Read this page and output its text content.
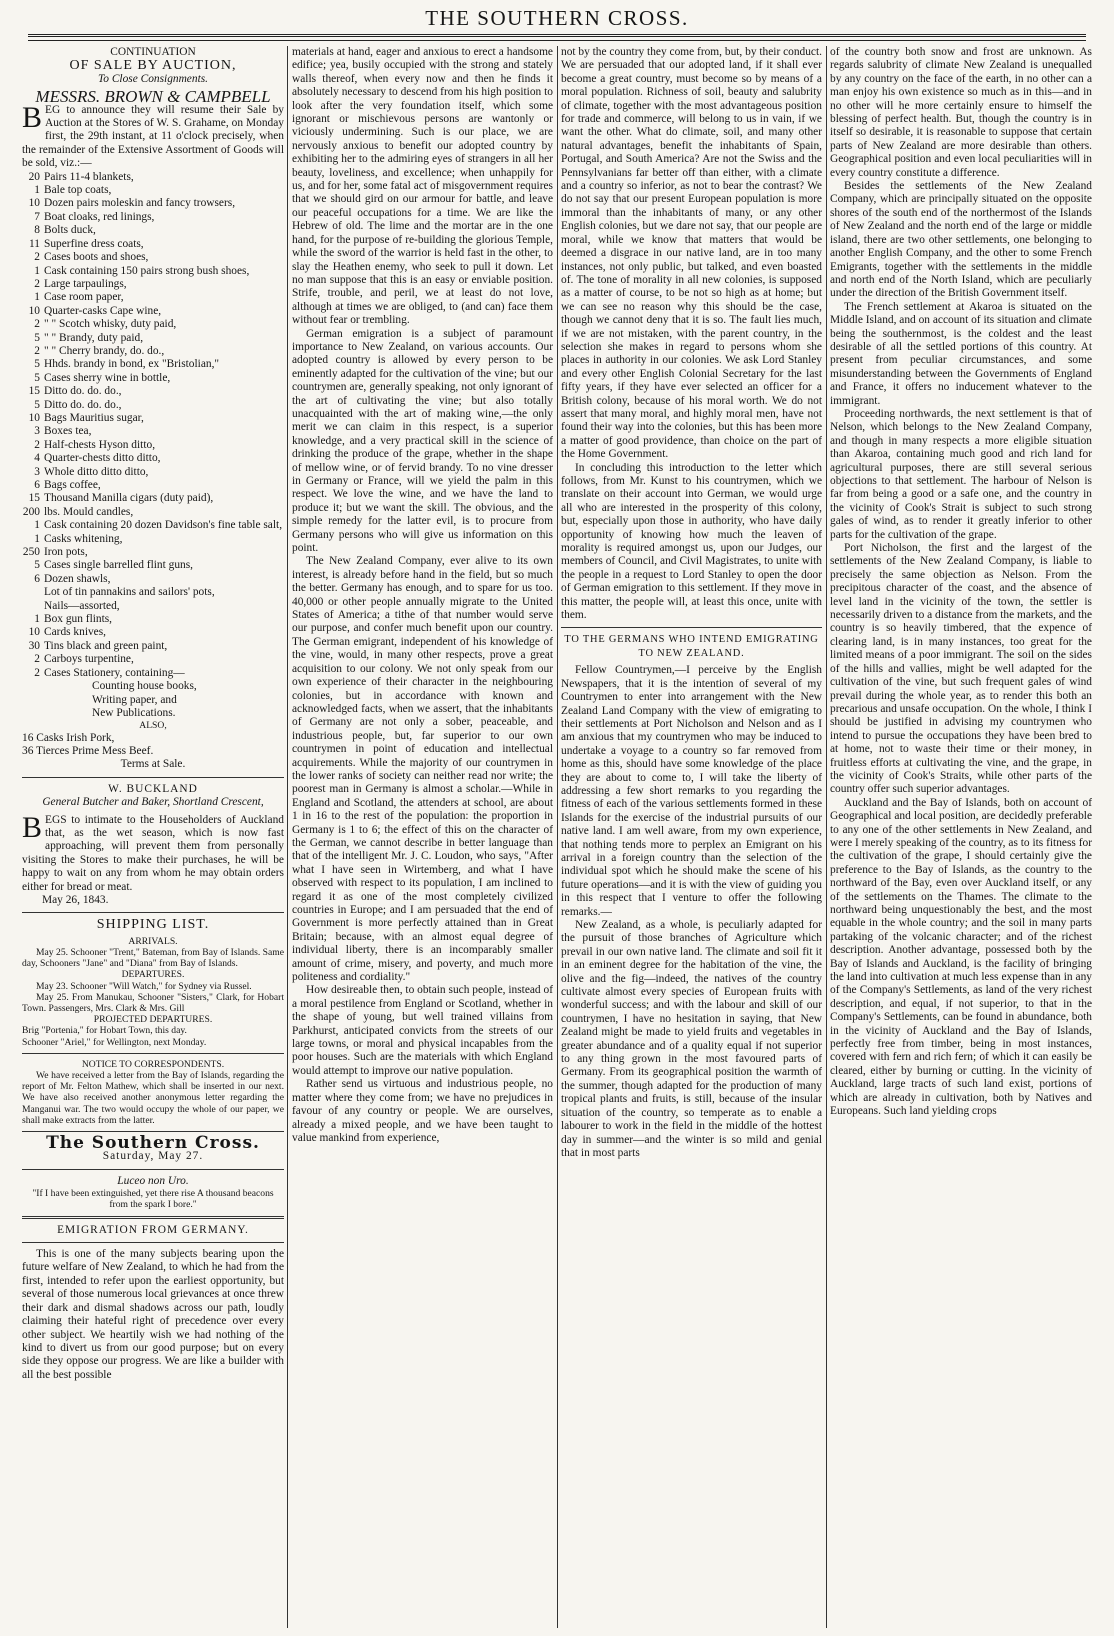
THE SOUTHERN CROSS.

CONTINUATION

OF SALE BY AUCTION,

To Close Consignments.

MESSRS. BROWN & CAMPBELL

BEG to announce they will resume their Sale by Auction at the Stores of W. S. Grahame, on Monday first, the 29th instant, at 11 o'clock precisely, when the remainder of the Extensive Assortment of Goods will be sold, viz.:—

20 Pairs 11-4 blankets,

1 Bale top coats,

10 Dozen pairs moleskin and fancy trowsers,

7 Boat cloaks, red linings,

8 Bolts duck,

11 Superfine dress coats,

2 Cases boots and shoes,

1 Cask containing 150 pairs strong bush shoes,

2 Large tarpaulings,

1 Case room paper,

10 Quarter-casks Cape wine,

2 " " Scotch whisky, duty paid,

5 " " Brandy, duty paid,

2 " " Cherry brandy, do. do.,

5 Hhds. brandy in bond, ex "Bristolian,"

5 Cases sherry wine in bottle,

15 Ditto do. do. do.,

5 Ditto do. do. do.,

10 Bags Mauritius sugar,

3 Boxes tea,

2 Half-chests Hyson ditto,

4 Quarter-chests ditto ditto,

3 Whole ditto ditto ditto,

6 Bags coffee,

15 Thousand Manilla cigars (duty paid),

200 lbs. Mould candles,

1 Cask containing 20 dozen Davidson's fine table salt,

1 Casks whitening,

250 Iron pots,

5 Cases single barrelled flint guns,

6 Dozen shawls,

Lot of tin pannakins and sailors' pots,

Nails—assorted,

1 Box gun flints,

10 Cards knives,

30 Tins black and green paint,

2 Carboys turpentine,

2 Cases Stationery, containing—

Counting house books,

Writing paper, and

New Publications.

ALSO,

16 Casks Irish Pork,

36 Tierces Prime Mess Beef.

Terms at Sale.

W. BUCKLAND

General Butcher and Baker, Shortland Crescent,

BEGS to intimate to the Householders of Auckland that, as the wet season, which is now fast approaching, will prevent them from personally visiting the Stores to make their purchases, he will be happy to wait on any from whom he may obtain orders either for bread or meat.

May 26, 1843.

SHIPPING LIST.

ARRIVALS.

May 25. Schooner "Trent," Bateman, from Bay of Islands. Same day, Schooners "Jane" and "Diana" from Bay of Islands.

DEPARTURES.

May 23. Schooner "Will Watch," for Sydney via Russel.

May 25. From Manukau, Schooner "Sisters," Clark, for Hobart Town. Passengers, Mrs. Clark & Mrs. Gill

PROJECTED DEPARTURES.

Brig "Portenia," for Hobart Town, this day.

Schooner "Ariel," for Wellington, next Monday.

NOTICE TO CORRESPONDENTS.

We have received a letter from the Bay of Islands, regarding the report of Mr. Felton Mathew, which shall be inserted in our next. We have also received another anonymous letter regarding the Manganui war. The two would occupy the whole of our paper, we shall make extracts from the latter.

The Southern Cross.

Saturday, May 27.

Luceo non Uro.

"If I have been extinguished, yet there rise A thousand beacons from the spark I bore."

EMIGRATION FROM GERMANY.

This is one of the many subjects bearing upon the future welfare of New Zealand, to which he had from the first, intended to refer upon the earliest opportunity, but several of those numerous local grievances at once threw their dark and dismal shadows across our path, loudly claiming their hateful right of precedence over every other subject. We heartily wish we had nothing of the kind to divert us from our good purpose; but on every side they oppose our progress. We are like a builder with all the best possible

materials at hand, eager and anxious to erect a handsome edifice; yea, busily occupied with the strong and stately walls thereof, when every now and then he finds it absolutely necessary to descend from his high position to look after the very foundation itself, which some ignorant or mischievous persons are wantonly or viciously undermining. Such is our place, we are nervously anxious to benefit our adopted country by exhibiting her to the admiring eyes of strangers in all her beauty, loveliness, and excellence; when unhappily for us, and for her, some fatal act of misgovernment requires that we should gird on our armour for battle, and leave our peaceful occupations for a time. We are like the Hebrew of old. The lime and the mortar are in the one hand, for the purpose of re-building the glorious Temple, while the sword of the warrior is held fast in the other, to slay the Heathen enemy, who seek to pull it down. Let no man suppose that this is an easy or enviable position. Strife, trouble, and peril, we at least do not love, although at times we are obliged, to (and can) face them without fear or trembling.

German emigration is a subject of paramount importance to New Zealand, on various accounts. Our adopted country is allowed by every person to be eminently adapted for the cultivation of the vine; but our countrymen are, generally speaking, not only ignorant of the art of cultivating the vine; but also totally unacquainted with the art of making wine,—the only merit we can claim in this respect, is a superior knowledge, and a very practical skill in the science of drinking the produce of the grape, whether in the shape of mellow wine, or of fervid brandy. To no vine dresser in Germany or France, will we yield the palm in this respect. We love the wine, and we have the land to produce it; but we want the skill. The obvious, and the simple remedy for the latter evil, is to procure from Germany persons who will give us information on this point.

The New Zealand Company, ever alive to its own interest, is already before hand in the field, but so much the better. Germany has enough, and to spare for us too. 40,000 or other people annually migrate to the United States of America; a tithe of that number would serve our purpose, and confer much benefit upon our country. The German emigrant, independent of his knowledge of the vine, would, in many other respects, prove a great acquisition to our colony. We not only speak from our own experience of their character in the neighbouring colonies, but in accordance with known and acknowledged facts, when we assert, that the inhabitants of Germany are not only a sober, peaceable, and industrious people, but, far superior to our own countrymen in point of education and intellectual acquirements. While the majority of our countrymen in the lower ranks of society can neither read nor write; the poorest man in Germany is almost a scholar.—While in England and Scotland, the attenders at school, are about 1 in 16 to the rest of the population: the proportion in Germany is 1 to 6; the effect of this on the character of the German, we cannot describe in better language than that of the intelligent Mr. J. C. Loudon, who says, "After what I have seen in Wirtemberg, and what I have observed with respect to its population, I am inclined to regard it as one of the most completely civilized countries in Europe; and I am persuaded that the end of Government is more perfectly attained than in Great Britain; because, with an almost equal degree of individual liberty, there is an incomparably smaller amount of crime, misery, and poverty, and much more politeness and cordiality."

How desireable then, to obtain such people, instead of a moral pestilence from England or Scotland, whether in the shape of young, but well trained villains from Parkhurst, anticipated convicts from the streets of our large towns, or moral and physical incapables from the poor houses. Such are the materials with which England would attempt to improve our native population.

Rather send us virtuous and industrious people, no matter where they come from; we have no prejudices in favour of any country or people. We are ourselves, already a mixed people, and we have been taught to value mankind from experience,

not by the country they come from, but, by their conduct. We are persuaded that our adopted land, if it shall ever become a great country, must become so by means of a moral population. Richness of soil, beauty and salubrity of climate, together with the most advantageous position for trade and commerce, will belong to us in vain, if we want the other. What do climate, soil, and many other natural advantages, benefit the inhabitants of Spain, Portugal, and South America? Are not the Swiss and the Pennsylvanians far better off than either, with a climate and a country so inferior, as not to bear the contrast? We do not say that our present European population is more immoral than the inhabitants of many, or any other English colonies, but we dare not say, that our people are moral, while we know that matters that would be deemed a disgrace in our native land, are in too many instances, not only public, but talked, and even boasted of. The tone of morality in all new colonies, is supposed as a matter of course, to be not so high as at home; but we can see no reason why this should be the case, though we cannot deny that it is so. The fault lies much, if we are not mistaken, with the parent country, in the selection she makes in regard to persons whom she places in authority in our colonies. We ask Lord Stanley and every other English Colonial Secretary for the last fifty years, if they have ever selected an officer for a British colony, because of his moral worth. We do not assert that many moral, and highly moral men, have not found their way into the colonies, but this has been more a matter of good providence, than choice on the part of the Home Government.

In concluding this introduction to the letter which follows, from Mr. Kunst to his countrymen, which we translate on their account into German, we would urge all who are interested in the prosperity of this colony, but, especially upon those in authority, who have daily opportunity of knowing how much the leaven of morality is required amongst us, upon our Judges, our members of Council, and Civil Magistrates, to unite with the people in a request to Lord Stanley to open the door of German emigration to this settlement. If they move in this matter, the people will, at least this once, unite with them.

TO THE GERMANS WHO INTEND EMIGRATING TO NEW ZEALAND.

Fellow Countrymen,—I perceive by the English Newspapers, that it is the intention of several of my Countrymen to enter into arrangement with the New Zealand Land Company with the view of emigrating to their settlements at Port Nicholson and Nelson and as I am anxious that my countrymen who may be induced to undertake a voyage to a country so far removed from home as this, should have some knowledge of the place they are about to come to, I will take the liberty of addressing a few short remarks to you regarding the fitness of each of the various settlements formed in these Islands for the exercise of the industrial pursuits of our native land. I am well aware, from my own experience, that nothing tends more to perplex an Emigrant on his arrival in a foreign country than the selection of the individual spot which he should make the scene of his future operations—and it is with the view of guiding you in this respect that I venture to offer the following remarks.—

New Zealand, as a whole, is peculiarly adapted for the pursuit of those branches of Agriculture which prevail in our own native land. The climate and soil fit it in an eminent degree for the habitation of the vine, the olive and the fig—indeed, the natives of the country cultivate almost every species of European fruits with wonderful success; and with the labour and skill of our countrymen, I have no hesitation in saying, that New Zealand might be made to yield fruits and vegetables in greater abundance and of a quality equal if not superior to any thing grown in the most favoured parts of Germany. From its geographical position the warmth of the summer, though adapted for the production of many tropical plants and fruits, is still, because of the insular situation of the country, so temperate as to enable a labourer to work in the field in the middle of the hottest day in summer—and the winter is so mild and genial that in most parts

of the country both snow and frost are unknown. As regards salubrity of climate New Zealand is unequalled by any country on the face of the earth, in no other can a man enjoy his own existence so much as in this—and in no other will he more certainly ensure to himself the blessing of perfect health. But, though the country is in itself so desirable, it is reasonable to suppose that certain parts of New Zealand are more desirable than others. Geographical position and even local peculiarities will in every country constitute a difference.

Besides the settlements of the New Zealand Company, which are principally situated on the opposite shores of the south end of the northermost of the Islands of New Zealand and the north end of the large or middle island, there are two other settlements, one belonging to another English Company, and the other to some French Emigrants, together with the settlements in the middle and north end of the North Island, which are peculiarly under the direction of the British Government itself.

The French settlement at Akaroa is situated on the Middle Island, and on account of its situation and climate being the southernmost, is the coldest and the least desirable of all the settled portions of this country. At present from peculiar circumstances, and some misunderstanding between the Governments of England and France, it offers no inducement whatever to the immigrant.

Proceeding northwards, the next settlement is that of Nelson, which belongs to the New Zealand Company, and though in many respects a more eligible situation than Akaroa, containing much good and rich land for agricultural purposes, there are still several serious objections to that settlement. The harbour of Nelson is far from being a good or a safe one, and the country in the vicinity of Cook's Strait is subject to such strong gales of wind, as to render it greatly inferior to other parts for the cultivation of the grape.

Port Nicholson, the first and the largest of the settlements of the New Zealand Company, is liable to precisely the same objection as Nelson. From the precipitous character of the coast, and the absence of level land in the vicinity of the town, the settler is necessarily driven to a distance from the markets, and the country is so heavily timbered, that the expence of clearing land, is in many instances, too great for the limited means of a poor immigrant. The soil on the sides of the hills and vallies, might be well adapted for the cultivation of the vine, but such frequent gales of wind prevail during the whole year, as to render this both an precarious and unsafe occupation. On the whole, I think I should be justified in advising my countrymen who intend to pursue the occupations they have been bred to at home, not to waste their time or their money, in fruitless efforts at cultivating the vine, and the grape, in the vicinity of Cook's Straits, while other parts of the country offer such superior advantages.

Auckland and the Bay of Islands, both on account of Geographical and local position, are decidedly preferable to any one of the other settlements in New Zealand, and were I merely speaking of the country, as to its fitness for the cultivation of the grape, I should certainly give the preference to the Bay of Islands, as the country to the northward of the Bay, even over Auckland itself, or any of the settlements on the Thames. The climate to the northward being unquestionably the best, and the most equable in the whole country; and the soil in many parts partaking of the volcanic character; and of the richest description. Another advantage, possessed both by the Bay of Islands and Auckland, is the facility of bringing the land into cultivation at much less expense than in any of the Company's Settlements, as land of the very richest description, and equal, if not superior, to that in the Company's Settlements, can be found in abundance, both in the vicinity of Auckland and the Bay of Islands, perfectly free from timber, being in most instances, covered with fern and rich fern; of which it can easily be cleared, either by burning or cutting. In the vicinity of Auckland, large tracts of such land exist, portions of which are already in cultivation, both by Natives and Europeans. Such land yielding crops
